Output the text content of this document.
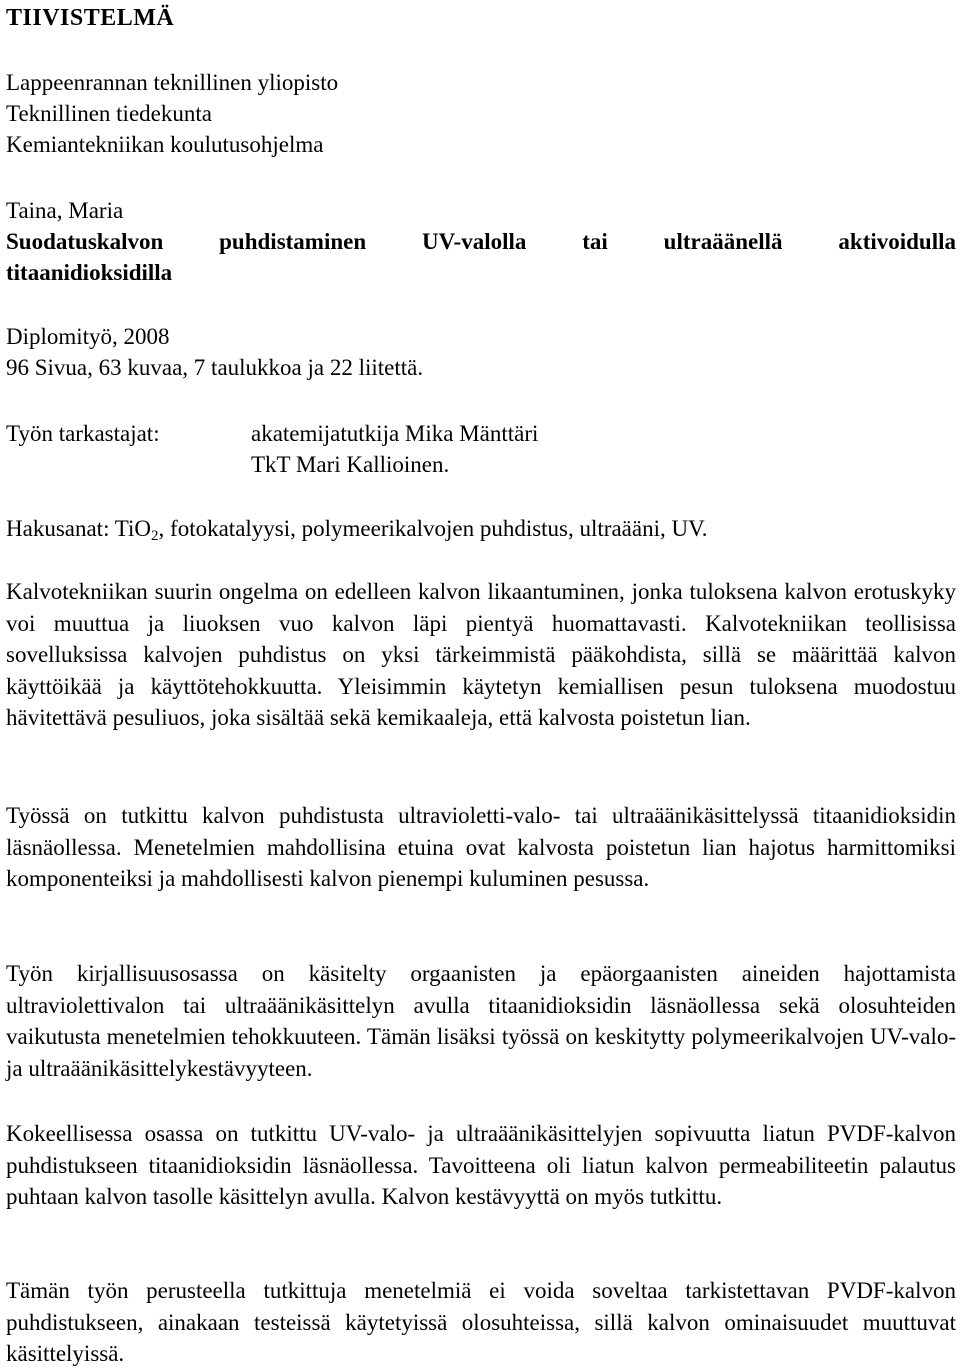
TIIVISTELMÄ
Lappeenrannan teknillinen yliopisto
Teknillinen tiedekunta
Kemiantekniikan koulutusohjelma
Taina, Maria
Suodatuskalvon puhdistaminen UV-valolla tai ultraäänellä aktivoidulla
titaanidioksidilla
Diplomityö, 2008
96 Sivua, 63 kuvaa, 7 taulukkoa ja 22 liitettä.
Työn tarkastajat:	akatemijatutkija Mika Mänttäri
TkT Mari Kallioinen.
Hakusanat: TiO$_2$, fotokatalyysi, polymeerikalvojen puhdistus, ultraääni, UV.

Kalvotekniikan suurin ongelma on edelleen kalvon likaantuminen, jonka tuloksena kalvon erotuskyky voi muuttua ja liuoksen vuo kalvon läpi pientyä huomattavasti. Kalvotekniikan teollisissa sovelluksissa kalvojen puhdistus on yksi tärkeimmistä pääkohdista, sillä se määrittää kalvon käyttöikää ja käyttötehokkuutta. Yleisimmin käytetyn kemiallisen pesun tuloksena muodostuu hävitettävä pesuliuos, joka sisältää sekä kemikaaleja, että kalvosta poistetun lian.

Työssä on tutkittu kalvon puhdistusta ultravioletti-valo- tai ultraäänikäsittelyssä titaanidioksidin läsnäollessa. Menetelmien mahdollisina etuina ovat kalvosta poistetun lian hajotus harmittomiksi komponenteiksi ja mahdollisesti kalvon pienempi kuluminen pesussa.

Työn kirjallisuusosassa on käsitelty orgaanisten ja epäorgaanisten aineiden hajottamista ultraviolettivalon tai ultraäänikäsittelyn avulla titaanidioksidin läsnäollessa sekä olosuhteiden vaikutusta menetelmien tehokkuuteen. Tämän lisäksi työssä on keskitytty polymeerikalvojen UV-valo- ja ultraäänikäsittelykestävyyteen.

Kokeellisessa osassa on tutkittu UV-valo- ja ultraäänikäsittelyjen sopivuutta liatun PVDF-kalvon puhdistukseen titaanidioksidin läsnäollessa. Tavoitteena oli liatun kalvon permeabiliteetin palautus puhtaan kalvon tasolle käsittelyn avulla. Kalvon kestävyyttä on myös tutkittu.

Tämän työn perusteella tutkittuja menetelmiä ei voida soveltaa tarkistettavan PVDF-kalvon puhdistukseen, ainakaan testeissä käytetyissä olosuhteissa, sillä kalvon ominaisuudet muuttuvat käsittelyissä.
